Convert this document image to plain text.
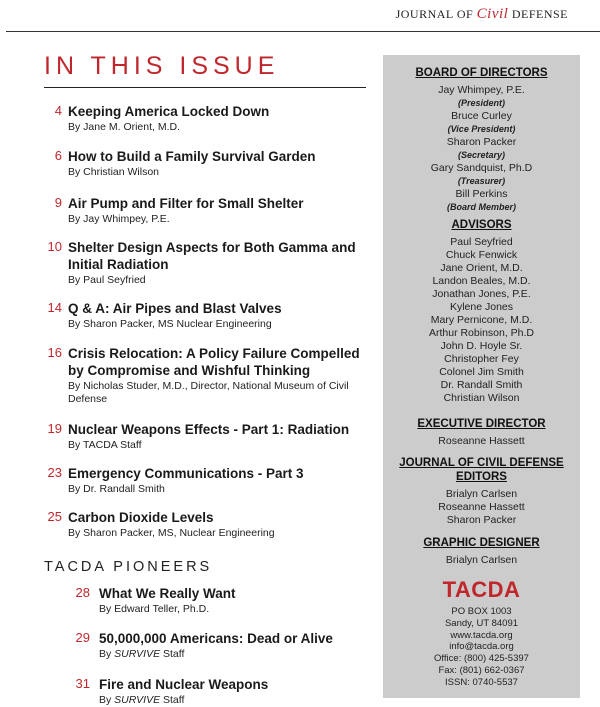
JOURNAL OF Civil DEFENSE
IN THIS ISSUE
4 Keeping America Locked Down
By Jane M. Orient, M.D.
6 How to Build a Family Survival Garden
By Christian Wilson
9 Air Pump and Filter for Small Shelter
By Jay Whimpey, P.E.
10 Shelter Design Aspects for Both Gamma and Initial Radiation
By Paul Seyfried
14 Q & A: Air Pipes and Blast Valves
By Sharon Packer, MS Nuclear Engineering
16 Crisis Relocation: A Policy Failure Compelled by Compromise and Wishful Thinking
By Nicholas Studer, M.D., Director, National Museum of Civil Defense
19 Nuclear Weapons Effects - Part 1: Radiation
By TACDA Staff
23 Emergency Communications - Part 3
By Dr. Randall Smith
25 Carbon Dioxide Levels
By Sharon Packer, MS, Nuclear Engineering
TACDA PIONEERS
28 What We Really Want
By Edward Teller, Ph.D.
29 50,000,000 Americans: Dead or Alive
By SURVIVE Staff
31 Fire and Nuclear Weapons
By SURVIVE Staff
BOARD OF DIRECTORS
Jay Whimpey, P.E.
(President)
Bruce Curley
(Vice President)
Sharon Packer
(Secretary)
Gary Sandquist, Ph.D
(Treasurer)
Bill Perkins
(Board Member)
ADVISORS
Paul Seyfried
Chuck Fenwick
Jane Orient, M.D.
Landon Beales, M.D.
Jonathan Jones, P.E.
Kylene Jones
Mary Pernicone, M.D.
Arthur Robinson, Ph.D
John D. Hoyle Sr.
Christopher Fey
Colonel Jim Smith
Dr. Randall Smith
Christian Wilson
EXECUTIVE DIRECTOR
Roseanne Hassett
JOURNAL OF CIVIL DEFENSE
EDITORS
Brialyn Carlsen
Roseanne Hassett
Sharon Packer
GRAPHIC DESIGNER
Brialyn Carlsen
TACDA
PO BOX 1003
Sandy, UT 84091
www.tacda.org
info@tacda.org
Office: (800) 425-5397
Fax: (801) 662-0367
ISSN: 0740-5537
